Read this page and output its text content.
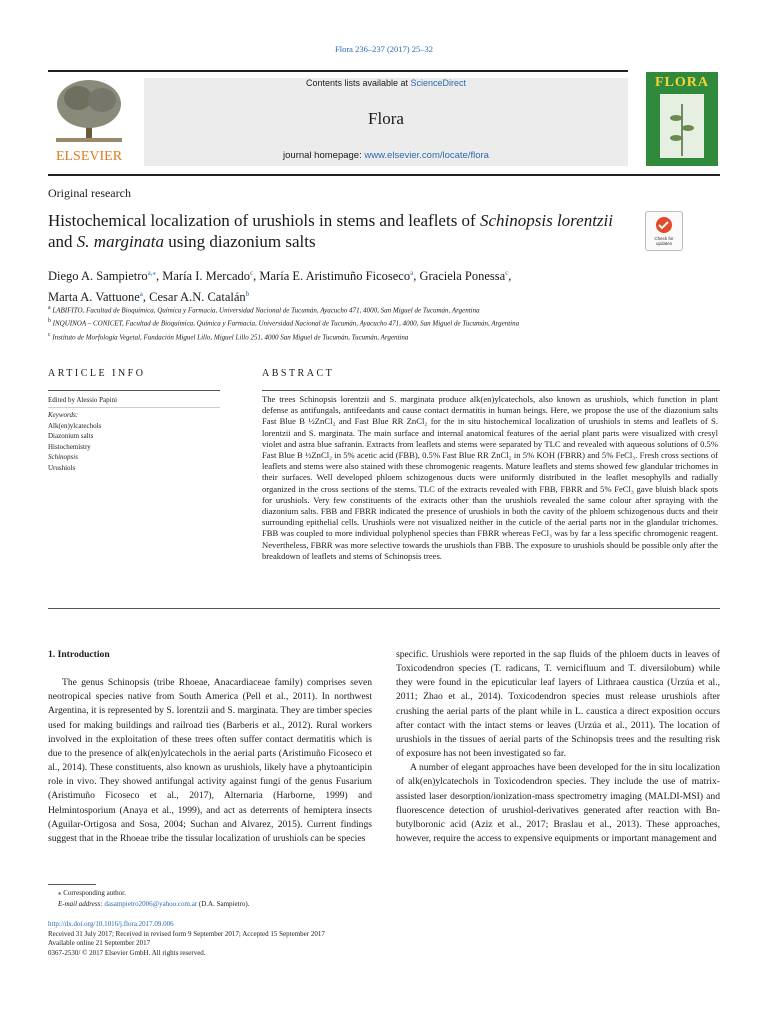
Flora 236–237 (2017) 25–32
ELSEVIER
Contents lists available at ScienceDirect
Flora
journal homepage: www.elsevier.com/locate/flora
FLORA
Original research
Histochemical localization of urushiols in stems and leaflets of Schinopsis lorentzii and S. marginata using diazonium salts	Check for
updates
Diego A. Sampietro$^{a,⁎}$, María I. Mercado$^c$, María E. Aristimuño Ficoseco$^a$, Graciela Ponessa$^c$,
Marta A. Vattuone$^a$, Cesar A.N. Catalán$^b$
$^a$ LABIFITO, Facultad de Bioquímica, Química y Farmacia, Universidad Nacional de Tucumán, Ayacucho 471, 4000, San Miguel de Tucumán, Argentina
$^b$ INQUINOA – CONICET, Facultad de Bioquímica, Química y Farmacia, Universidad Nacional de Tucumán, Ayacucho 471, 4000, San Miguel de Tucumán, Argentina
$^c$ Instituto de Morfología Vegetal, Fundación Miguel Lillo, Miguel Lillo 251, 4000 San Miguel de Tucumán, Tucumán, Argentina
ARTICLE INFO	ABSTRACT
Edited by Alessio Papini
Keywords:
Alk(en)ylcatechols
Diazonium salts
Histochemistry
Schinopsis
Urushiols
The trees Schinopsis lorentzii and S. marginata produce alk(en)ylcatechols, also known as urushiols, which function in plant defense as antifungals, antifeedants and cause contact dermatitis in human beings. Here, we propose the use of the diazonium salts Fast Blue B ½ZnCl₂ and Fast Blue RR ZnCl₂ for the in situ histochemical localization of urushiols in stems and leaflets of S. lorentzii and S. marginata. The main surface and internal anatomical features of the aerial plant parts were visualized with cresyl violet and astra blue safranin. Extracts from leaflets and stems were separated by TLC and revealed with aqueous solutions of 0.5% Fast Blue B ½ZnCl₂ in 5% acetic acid (FBB), 0.5% Fast Blue RR ZnCl₂ in 5% KOH (FBRR) and 5% FeCl₃. Fresh cross sections of leaflets and stems were also stained with these chromogenic reagents. Mature leaflets and stems showed few glandular trichomes in their surfaces. Well developed phloem schizogenous ducts were uniformly distributed in the leaflet mesophylls and radially organized in the cross sections of the stems. TLC of the extracts revealed with FBB, FBRR and 5% FeCl₃ gave bluish black spots for urushiols. Very few constituents of the extracts other than the urushiols revealed the same colour after spraying with the diazonium salts. FBB and FBRR indicated the presence of urushiols in both the cavity of the phloem schizogenous ducts and their surrounding epithelial cells. Urushiols were not visualized neither in the cuticle of the aerial parts nor in the glandular trichomes. FBB was coupled to more individual polyphenol species than FBRR whereas FeCl₃ was by far a less specific chromogenic reagent. Nevertheless, FBRR was more selective towards the urushiols than FBB. The exposure to urushiols should be possible only after the breakdown of leaflets and stems of Schinopsis trees.
1. Introduction

The genus Schinopsis (tribe Rhoeae, Anacardiaceae family) comprises seven neotropical species native from South America (Pell et al., 2011). In northwest Argentina, it is represented by S. lorentzii and S. marginata. They are timber species used for making buildings and railroad ties (Barberis et al., 2012). Rural workers involved in the exploitation of these trees often suffer contact dermatitis which is due to the presence of alk(en)ylcatechols in the aerial parts (Aristimuño Ficoseco et al., 2014). These constituents, also known as urushiols, likely have a phytoanticipin role in vivo. They showed antifungal activity against fungi of the genus Fusarium (Aristimuño Ficoseco et al., 2017), Alternaria (Harborne, 1999) and Helmintosporium (Anaya et al., 1999), and act as deterrents of hemiptera insects (Aguilar-Ortigosa and Sosa, 2004; Suchan and Alvarez, 2015). Current findings suggest that in the Rhoeae tribe the tissular localization of urushiols can be species

specific. Urushiols were reported in the sap fluids of the phloem ducts in leaves of Toxicodendron species (T. radicans, T. vernicifluum and T. diversilobum) while they were found in the epicuticular leaf layers of Lithraea caustica (Urzúa et al., 2011; Zhao et al., 2014). Toxicodendron species must release urushiols after crushing the aerial parts of the plant while in L. caustica a direct exposition occurs after contact with the intact stems or leaves (Urzúa et al., 2011). The location of urushiols in the tissues of aerial parts of the Schinopsis trees and the resulting risk of exposure has not been investigated so far.

A number of elegant approaches have been developed for the in situ localization of alk(en)ylcatechols in Toxicodendron species. They include the use of matrix-assisted laser desorption/ionization-mass spectrometry imaging (MALDI-MSI) and fluorescence detection of urushiol-derivatives generated after reaction with Bn-butylboronic acid (Aziz et al., 2017; Braslau et al., 2013). These approaches, however, require the access to expensive equipments or important management and

⁎ Corresponding author.
E-mail address: dasampietro2006@yahoo.com.ar (D.A. Sampietro).
http://dx.doi.org/10.1016/j.flora.2017.09.006
Received 31 July 2017; Received in revised form 9 September 2017; Accepted 15 September 2017
Available online 21 September 2017
0367-2530/ © 2017 Elsevier GmbH. All rights reserved.
